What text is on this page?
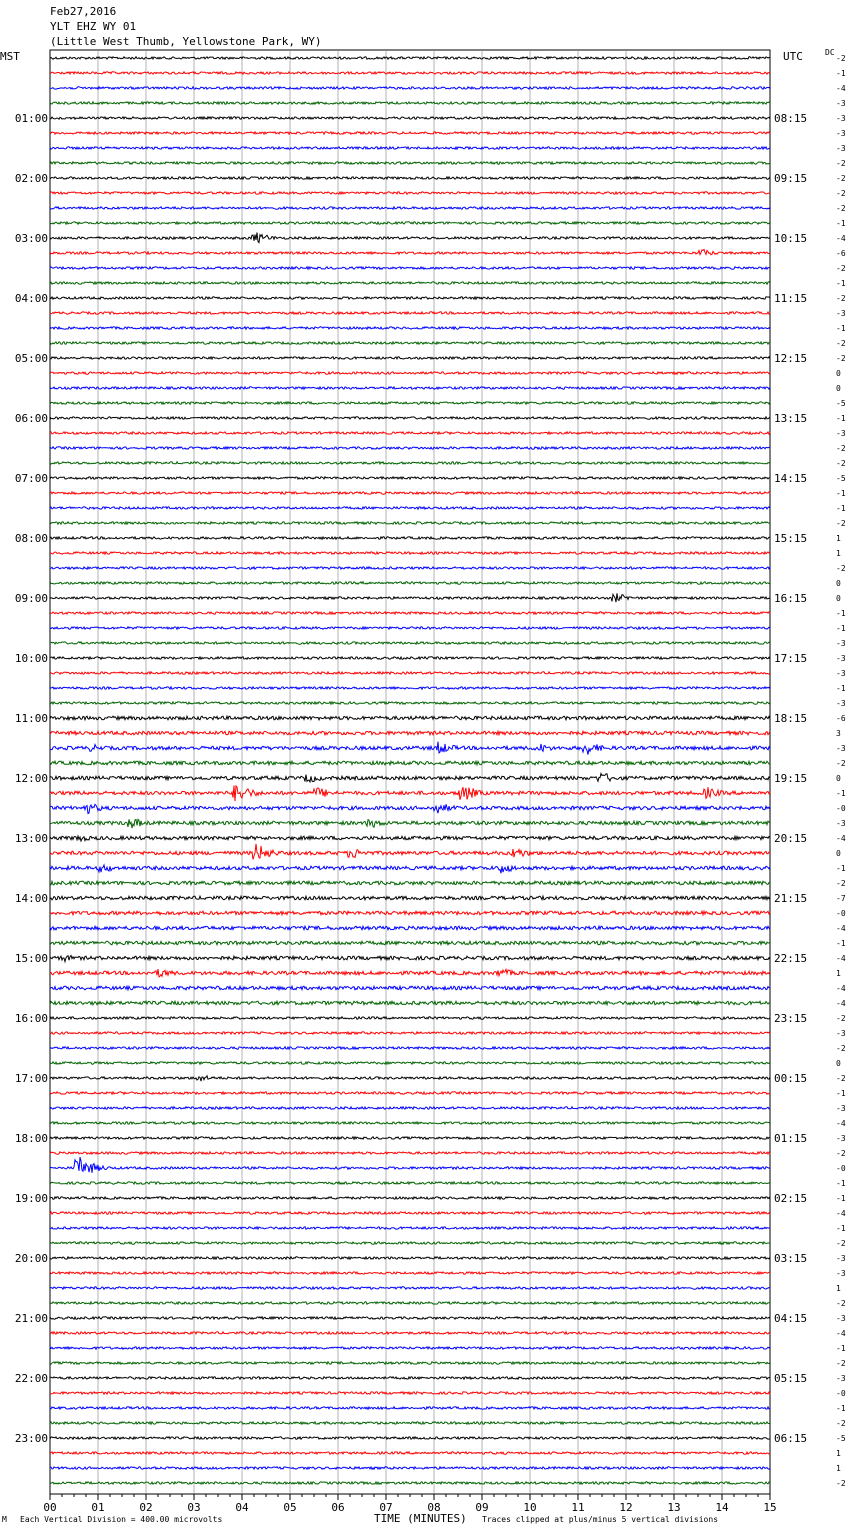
Feb27,2016
YLT EHZ WY 01
(Little West Thumb, Yellowstone Park, WY)
MST	UTC	DC
-2
-1
-4
-3
-3
-3
-3
-2
-2
-2
-2
-1
-4
-6
-2
-1
-2
-3
-1
-2
-2
0
0
-5
-1
-3
-2
-2
-5
-1
-1
-2
1
1
-2
0
0
-1
-1
-3
-3
-3
-1
-3
-6
3
-3
-2
0
-1
-0
-3
-4
0
-1
-2
-7
-0
-4
-1
-4
1
-4
-4
-2
-3
-2
0
-2
-1
-3
-4
-3
-2
-0
-1
-1
-4
-1
-2
-3
-3
1
-2
-3
-4
-1
-2
-3
-0
-1
-2
-5
1
1
-2
01:00	08:15
02:00	09:15
03:00	10:15
04:00	11:15
05:00	12:15
06:00	13:15
07:00	14:15
08:00	15:15
09:00	16:15
10:00	17:15
11:00	18:15
12:00	19:15
13:00	20:15
14:00	21:15
15:00	22:15
16:00	23:15
17:00	00:15
18:00	01:15
19:00	02:15
20:00	03:15
21:00	04:15
22:00	05:15
23:00	06:15
00	01	02	03	04	05	06	07	08	09	10	11	12	13	14	15
M Each Vertical Division = 400.00 microvolts	TIME (MINUTES) Traces clipped at plus/minus 5 vertical divisions
